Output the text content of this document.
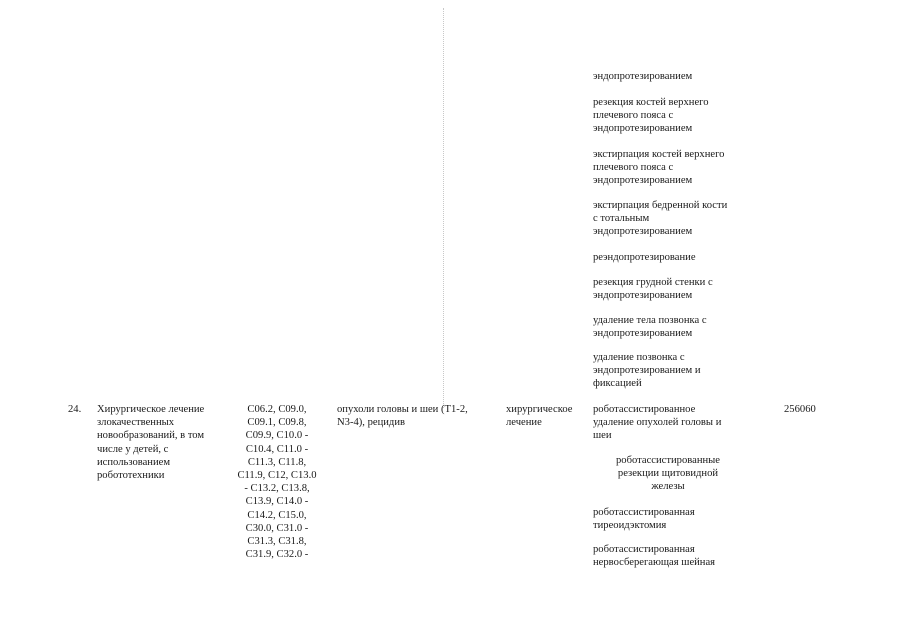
эндопротезированием
резекция костей верхнего
плечевого пояса с
эндопротезированием
экстирпация костей верхнего
плечевого пояса с
эндопротезированием
экстирпация бедренной кости
с тотальным
эндопротезированием
реэндопротезирование
резекция грудной стенки с
эндопротезированием
удаление тела позвонка с
эндопротезированием
удаление позвонка с
эндопротезированием и
фиксацией
24. Хирургическое лечение
злокачественных
новообразований, в том
числе у детей, с
использованием
робототехники
C06.2, C09.0,
C09.1, C09.8,
C09.9, C10.0 -
C10.4, C11.0 -
C11.3, C11.8,
C11.9, C12, C13.0
- C13.2, C13.8,
C13.9, C14.0 -
C14.2, C15.0,
C30.0, C31.0 -
C31.3, C31.8,
C31.9, C32.0 -
опухоли головы и шеи (T1-2,
N3-4), рецидив
хирургическое
лечение
роботассистированное
удаление опухолей головы и
шеи
роботассистированные
резекции щитовидной
железы
роботассистированная
тиреоидэктомия
роботассистированная
нервосберегающая шейная
256060
